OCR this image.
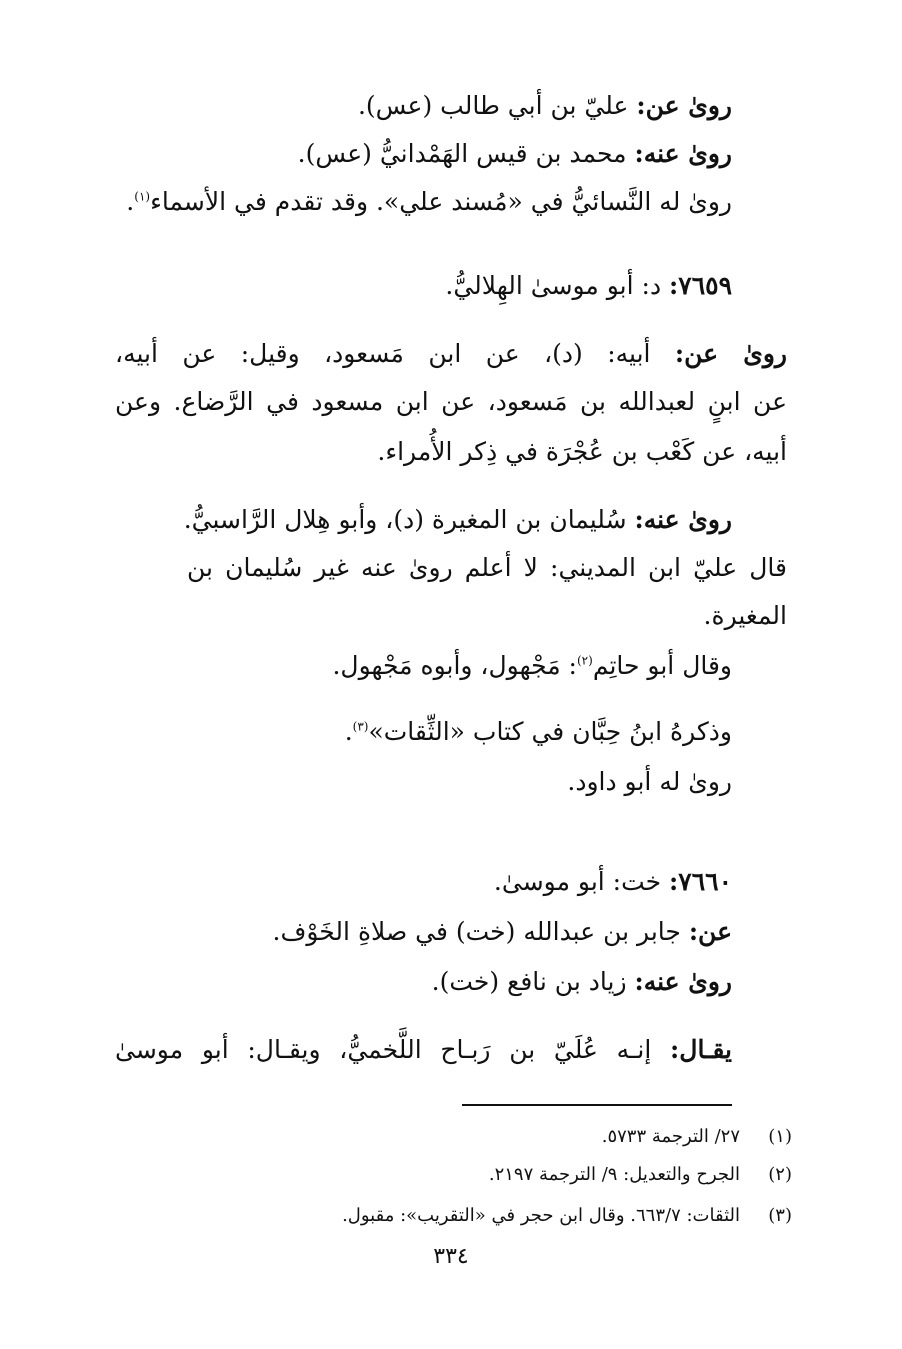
روىٰ عن: عليّ بن أبي طالب (عس).
روىٰ عنه: محمد بن قيس الهَمْدانيُّ (عس).
روىٰ له النَّسائيُّ في «مُسند علي». وقد تقدم في الأسماء$^{(١)}$.
٧٦٥٩: د: أبو موسىٰ الهِلاليُّ.
روىٰ عن: أبيه: (د)، عن ابن مَسعود، وقيل: عن أبيه،
عن ابنٍ لعبدالله بن مَسعود، عن ابن مسعود في الرَّضاع. وعن
أبيه، عن كَعْب بن عُجْرَة في ذِكر الأُمراء.
روىٰ عنه: سُليمان بن المغيرة (د)، وأبو هِلال الرَّاسبيُّ.
قال عليّ ابن المديني: لا أعلم روىٰ عنه غير سُليمان بن
المغيرة.
وقال أبو حاتِم$^{(٢)}$: مَجْهول، وأبوه مَجْهول.
وذكرهُ ابنُ حِبَّان في كتاب «الثِّقات»$^{(٣)}$.
روىٰ له أبو داود.
٧٦٦٠: خت: أبو موسىٰ.
عن: جابر بن عبدالله (خت) في صلاةِ الخَوْف.
روىٰ عنه: زياد بن نافع (خت).
يقـال: إنـه عُلَيّ بن رَبـاح اللَّخميُّ، ويقـال: أبو موسىٰ
(١)٢٧/ الترجمة ٥٧٣٣.
(٢)الجرح والتعديل: ٩/ الترجمة ٢١٩٧.
(٣)الثقات: ٦٦٣/٧. وقال ابن حجر في «التقريب»: مقبول.
٣٣٤
